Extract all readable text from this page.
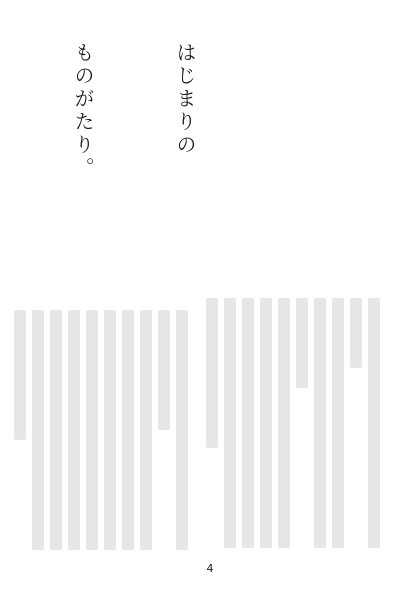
はじまりの

ものがたり。

4
